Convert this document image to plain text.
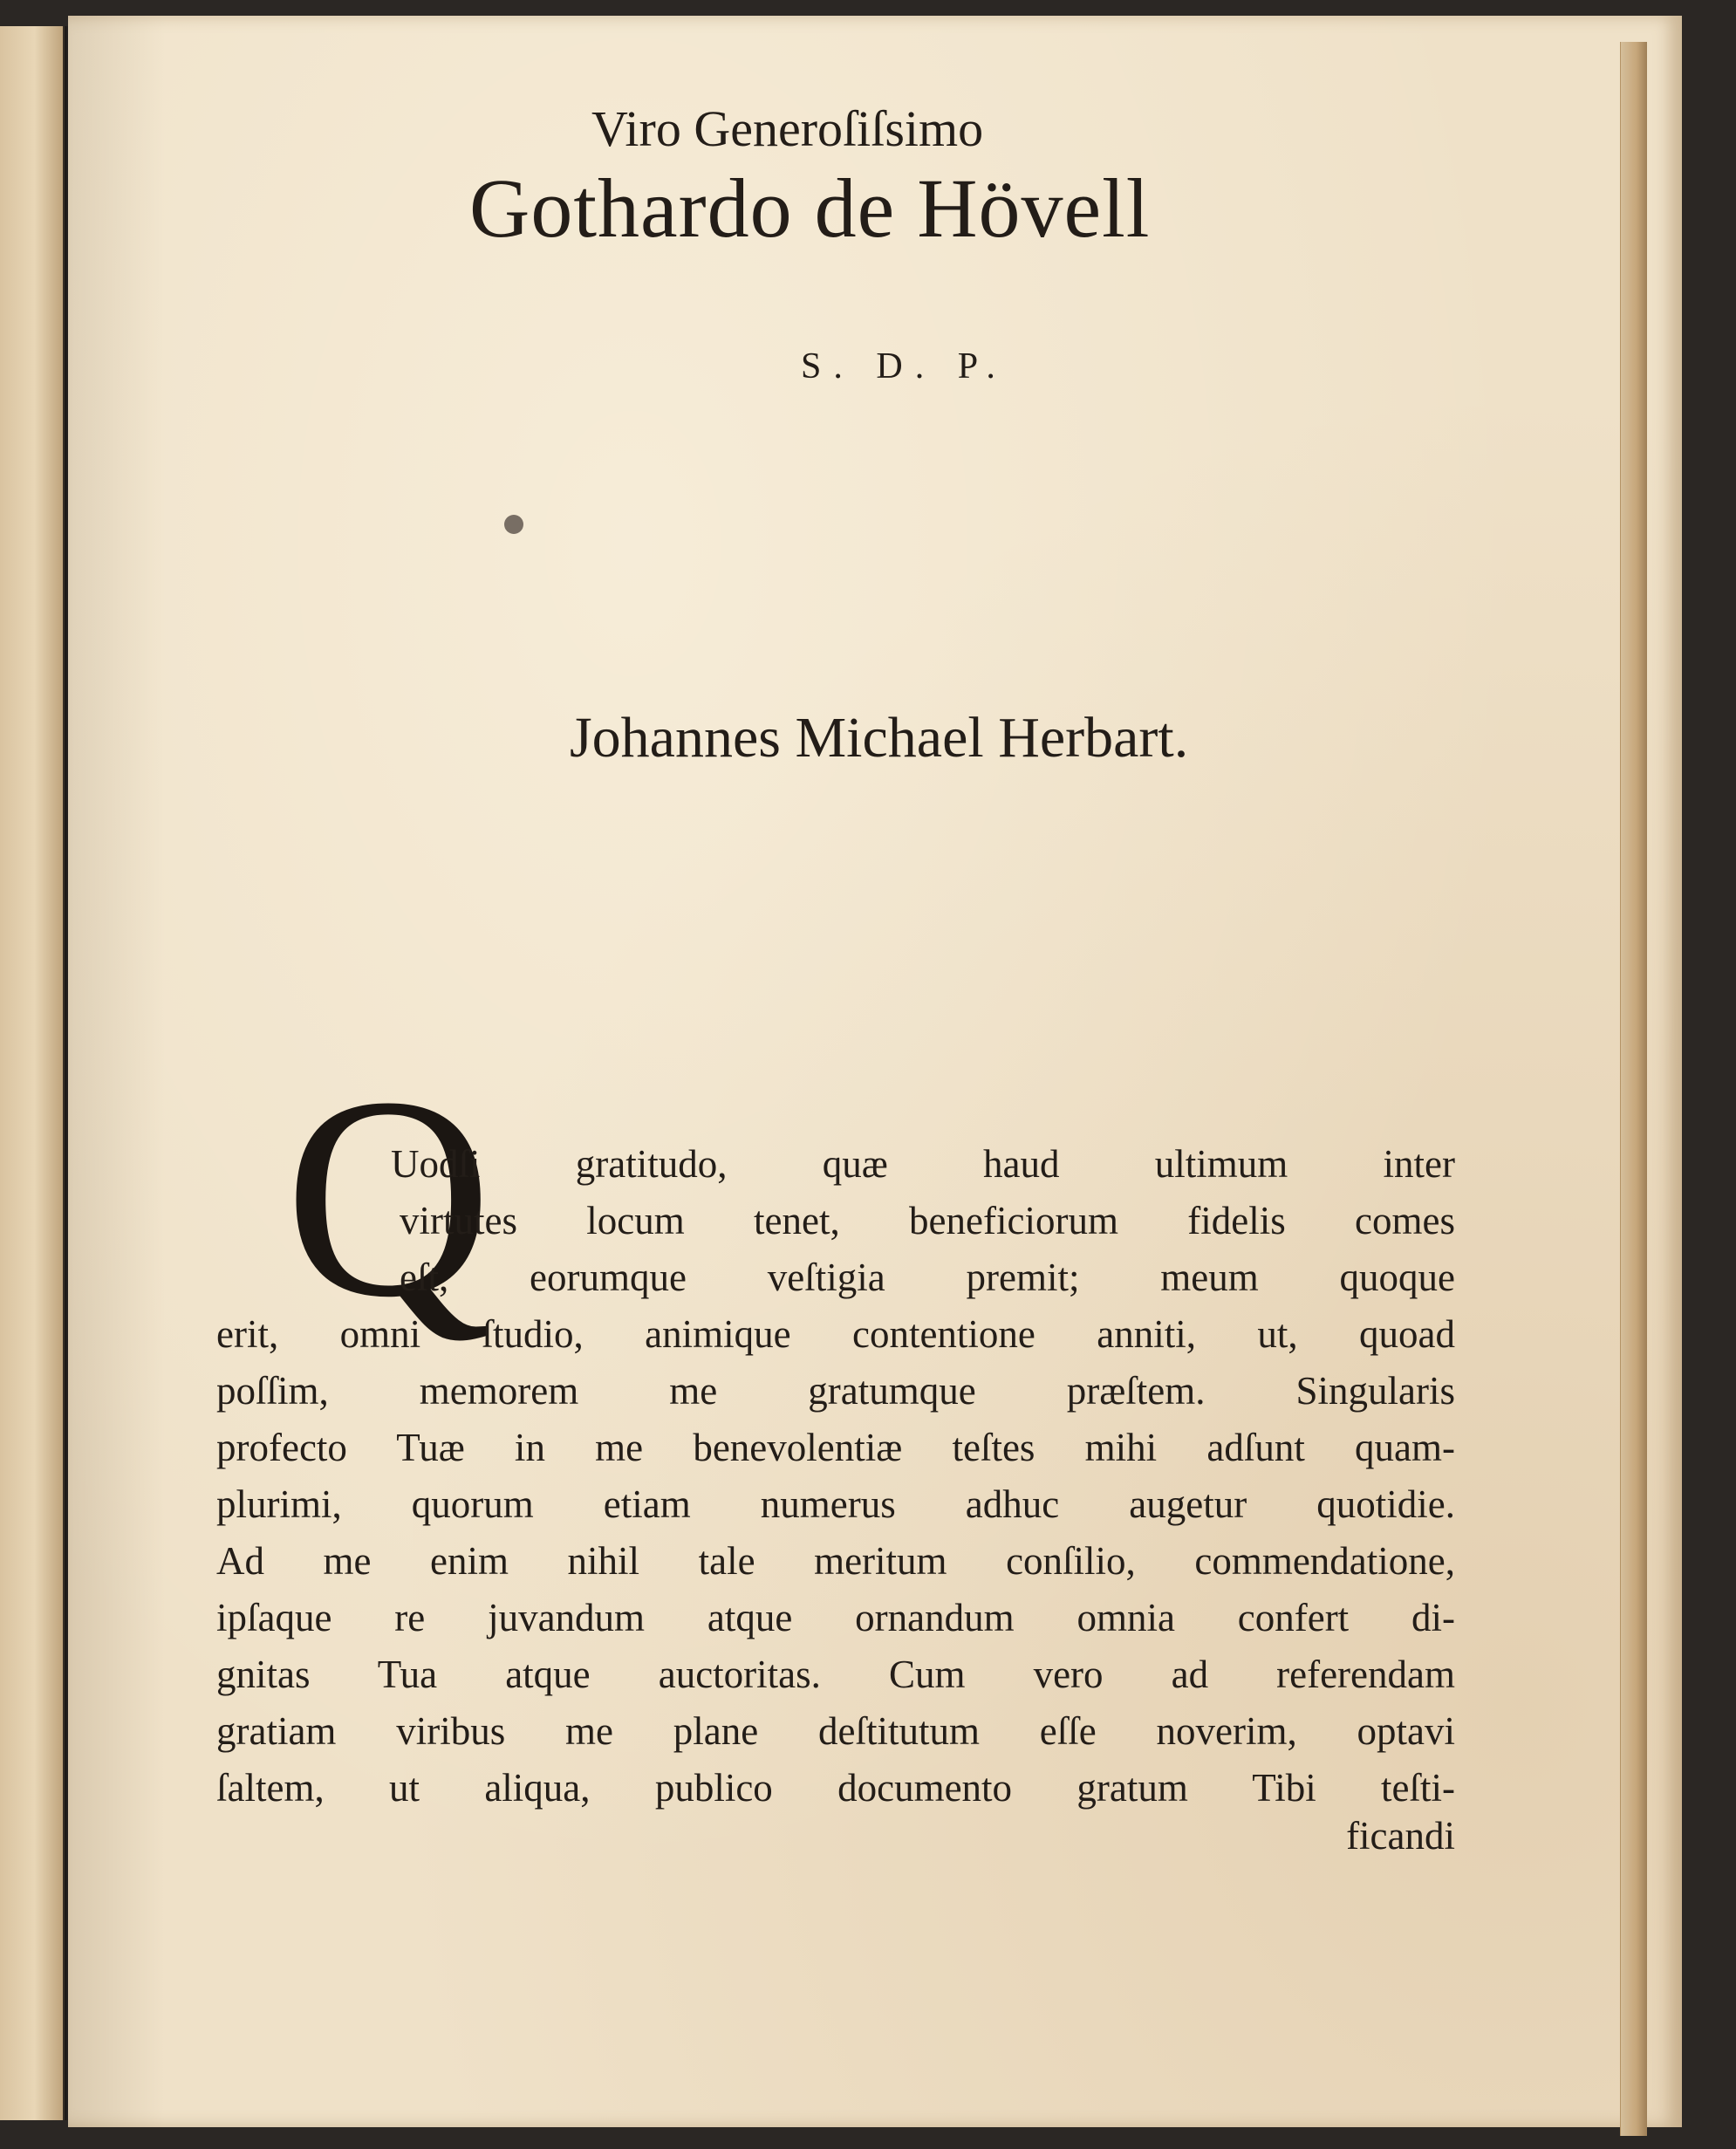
Viro Generoſiſsimo
Gothardo de Hövell
S. D. P.
Johannes Michael Herbart.
Q
Uodſi gratitudo, quæ haud ultimum inter
virtutes locum tenet, beneficiorum fidelis comes
eſt, eorumque veſtigia premit; meum quoque
erit, omni ſtudio, animique contentione anniti, ut, quoad
poſſim, memorem me gratumque præſtem. Singularis
profecto Tuæ in me benevolentiæ teſtes mihi adſunt quam-
plurimi, quorum etiam numerus adhuc augetur quotidie.
Ad me enim nihil tale meritum conſilio, commendatione,
ipſaque re juvandum atque ornandum omnia confert di-
gnitas Tua atque auctoritas. Cum vero ad referendam
gratiam viribus me plane deſtitutum eſſe noverim, optavi
ſaltem, ut aliqua, publico documento gratum Tibi teſti-
ficandi
